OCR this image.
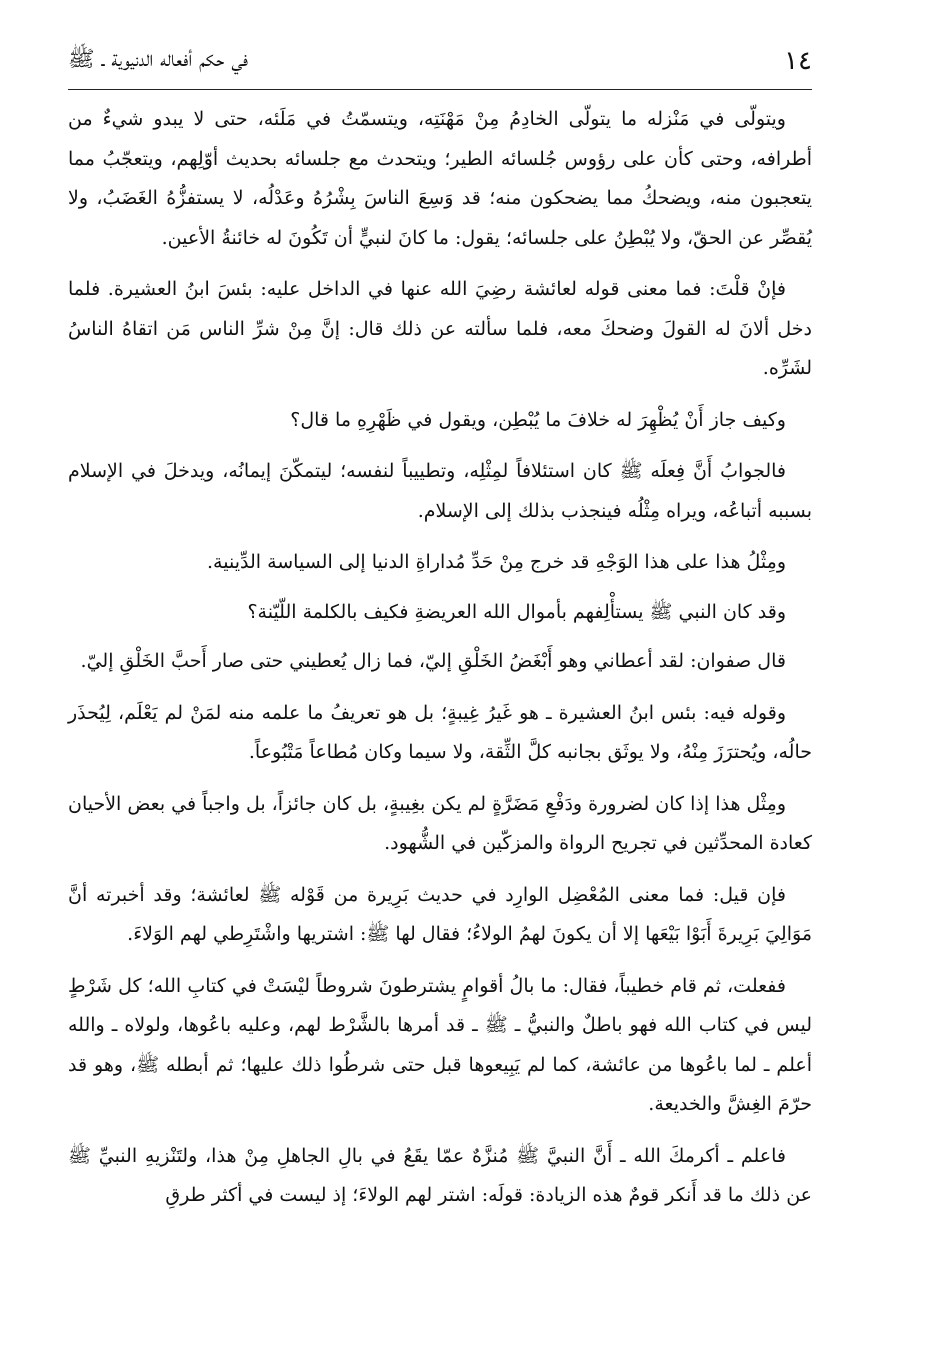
١٤
في حكم أفعاله الدنيوية ـ ﷺ

ويتولّى في مَنْزله ما يتولّى الخادِمُ مِنْ مَهْنَتِه، ويتسمّتُ في مَلَئه، حتى لا يبدو شيءٌ من أطرافه، وحتى كأن على رؤوس جُلسائه الطير؛ ويتحدث مع جلسائه بحديث أوّلِهم، ويتعجّبُ مما يتعجبون منه، ويضحكُ مما يضحكون منه؛ قد وَسِعَ الناسَ بِشْرُهُ وعَدْلُه، لا يستفزُّهُ الغَضَبُ، ولا يُقصِّر عن الحقّ، ولا يُبْطِنُ على جلسائه؛ يقول: ما كانَ لنبيٍّ أن تَكُونَ له خائنةُ الأعين.

فإنْ قلْتَ: فما معنى قوله لعائشة رضِيَ الله عنها في الداخل عليه: بئسَ ابنُ العشيرة. فلما دخل ألانَ له القولَ وضحكَ معه، فلما سألته عن ذلك قال: إنَّ مِنْ شرِّ الناس مَن اتقاهُ الناسُ لشَرِّه.

وكيف جاز أَنْ يُظْهِرَ له خلافَ ما يُبْطِن، ويقول في ظَهْرِهِ ما قال؟

فالجوابُ أَنَّ فِعلَه ﷺ كان استئلافاً لمِثْلِه، وتطييباً لنفسه؛ ليتمكّنَ إيمانُه، ويدخلَ في الإسلام بسببه أتباعُه، ويراه مِثْلُه فينجذب بذلك إلى الإسلام.

ومِثْلُ هذا على هذا الوَجْهِ قد خرج مِنْ حَدِّ مُداراةِ الدنيا إلى السياسة الدِّينية.

وقد كان النبي ﷺ يستأْلِفهم بأموال الله العريضةِ فكيف بالكلمة اللّيّنة؟

قال صفوان: لقد أعطاني وهو أَبْغَضُ الخَلْقِ إليّ، فما زال يُعطيني حتى صار أَحبَّ الخَلْقِ إليّ.

وقوله فيه: بئس ابنُ العشيرة ـ هو غَيرُ غِيبةٍ؛ بل هو تعريفُ ما علمه منه لمَنْ لم يَعْلَم، لِيُحذَر حالُه، ويُحترَزَ مِنْهُ، ولا يوثَق بجانبه كلَّ الثِّقة، ولا سيما وكان مُطاعاً مَتْبُوعاً.

ومِثْل هذا إذا كان لضرورة ودَفْعِ مَضَرَّةٍ لم يكن بغِيبةٍ، بل كان جائزاً، بل واجباً في بعض الأحيان كعادة المحدِّثين في تجريح الرواة والمزكّين في الشُّهود.

فإن قيل: فما معنى المُعْضِل الوارِد في حديث بَرِيرة من قَوْله ﷺ لعائشة؛ وقد أخبرته أنَّ مَوَالِيَ بَرِيرةَ أَبَوْا بَيْعَها إلا أن يكونَ لهمُ الولاءُ؛ فقال لها ﷺ: اشتريها واشْتَرِطي لهم الوَلاءَ.

ففعلت، ثم قام خطيباً، فقال: ما بالُ أقوامٍ يشترطونَ شروطاً ليْسَتْ في كتابِ الله؛ كل شَرْطٍ ليس في كتاب الله فهو باطلٌ والنبيُّ ـ ﷺ ـ قد أمرها بالشَّرْط لهم، وعليه باعُوها، ولولاه ـ والله أعلم ـ لما باعُوها من عائشة، كما لم يَبِيعوها قبل حتى شرطُوا ذلك عليها؛ ثم أبطله ﷺ، وهو قد حرّمَ الغِشَّ والخديعة.

فاعلم ـ أكرمكَ الله ـ أَنَّ النبيَّ ﷺ مُنزَّهٌ عمّا يقَعُ في بالِ الجاهلِ مِنْ هذا، ولتَنْزيهِ النبيِّ ﷺ عن ذلك ما قد أَنكر قومٌ هذه الزيادة: قولَه: اشتر لهم الولاءَ؛ إذ ليست في أكثر طرقِ
